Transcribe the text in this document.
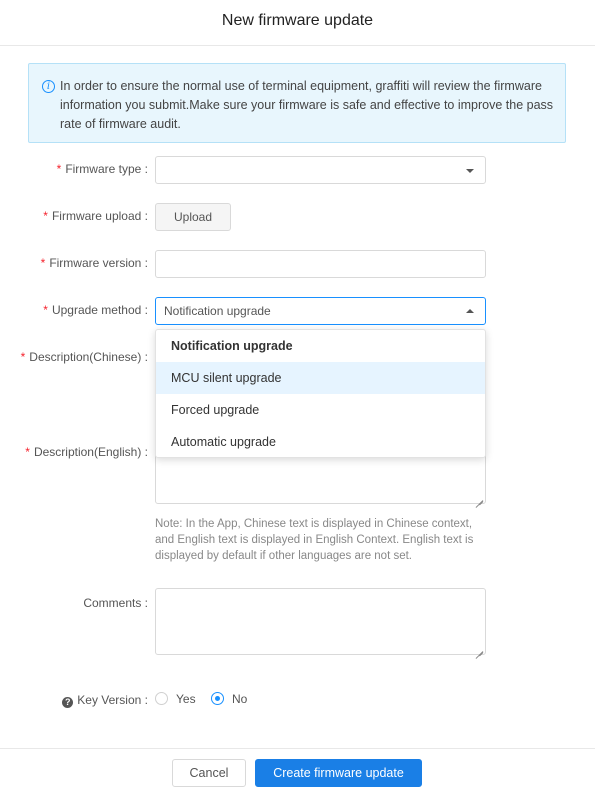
New firmware update
i In order to ensure the normal use of terminal equipment, graffiti will review the firmware information you submit.Make sure your firmware is safe and effective to improve the pass rate of firmware audit.
* Firmware type :
* Firmware upload :	Upload
* Firmware version :
* Upgrade method : Notification upgrade
* Description(Chinese) :
* Description(English) :
Notification upgrade
MCU silent upgrade
Forced upgrade
Automatic upgrade
Note: In the App, Chinese text is displayed in Chinese context, and English text is displayed in English Context. English text is displayed by default if other languages are not set.
Comments :
? Key Version : Yes	No
Cancel	Create firmware update
